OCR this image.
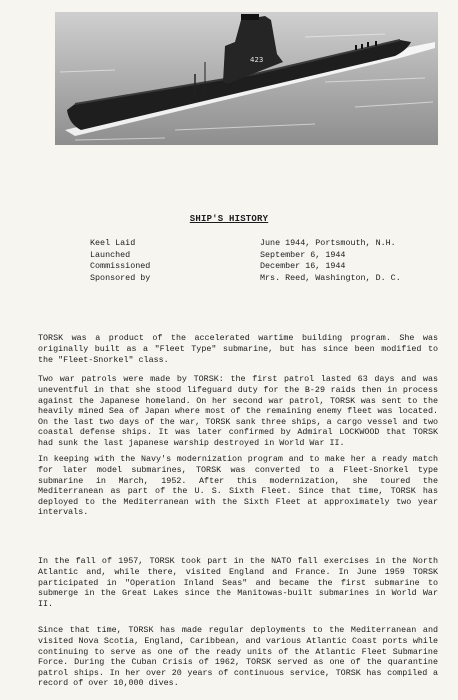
423
SHIP'S HISTORY
Keel Laid	June 1944, Portsmouth, N.H.
Launched	September 6, 1944
Commissioned	December 16, 1944
Sponsored by	Mrs. Reed, Washington, D. C.

TORSK was a product of the accelerated wartime building program. She was originally built as a "Fleet Type" submarine, but has since been modified to the "Fleet-Snorkel" class.

Two war patrols were made by TORSK: the first patrol lasted 63 days and was uneventful in that she stood lifeguard duty for the B-29 raids then in process against the Japanese homeland. On her second war patrol, TORSK was sent to the heavily mined Sea of Japan where most of the remaining enemy fleet was located. On the last two days of the war, TORSK sank three ships, a cargo vessel and two coastal defense ships. It was later confirmed by Admiral LOCKWOOD that TORSK had sunk the last japanese warship destroyed in World War II.

In keeping with the Navy's modernization program and to make her a ready match for later model submarines, TORSK was converted to a Fleet-Snorkel type submarine in March, 1952. After this modernization, she toured the Mediterranean as part of the U. S. Sixth Fleet. Since that time, TORSK has deployed to the Mediterranean with the Sixth Fleet at approximately two year intervals.

In the fall of 1957, TORSK took part in the NATO fall exercises in the North Atlantic and, while there, visited England and France. In June 1959 TORSK participated in "Operation Inland Seas" and became the first submarine to submerge in the Great Lakes since the Manitowas-built submarines in World War II.

Since that time, TORSK has made regular deployments to the Mediterranean and visited Nova Scotia, England, Caribbean, and various Atlantic Coast ports while continuing to serve as one of the ready units of the Atlantic Fleet Submarine Force. During the Cuban Crisis of 1962, TORSK served as one of the quarantine patrol ships. In her over 20 years of continuous service, TORSK has compiled a record of over 10,000 dives.
